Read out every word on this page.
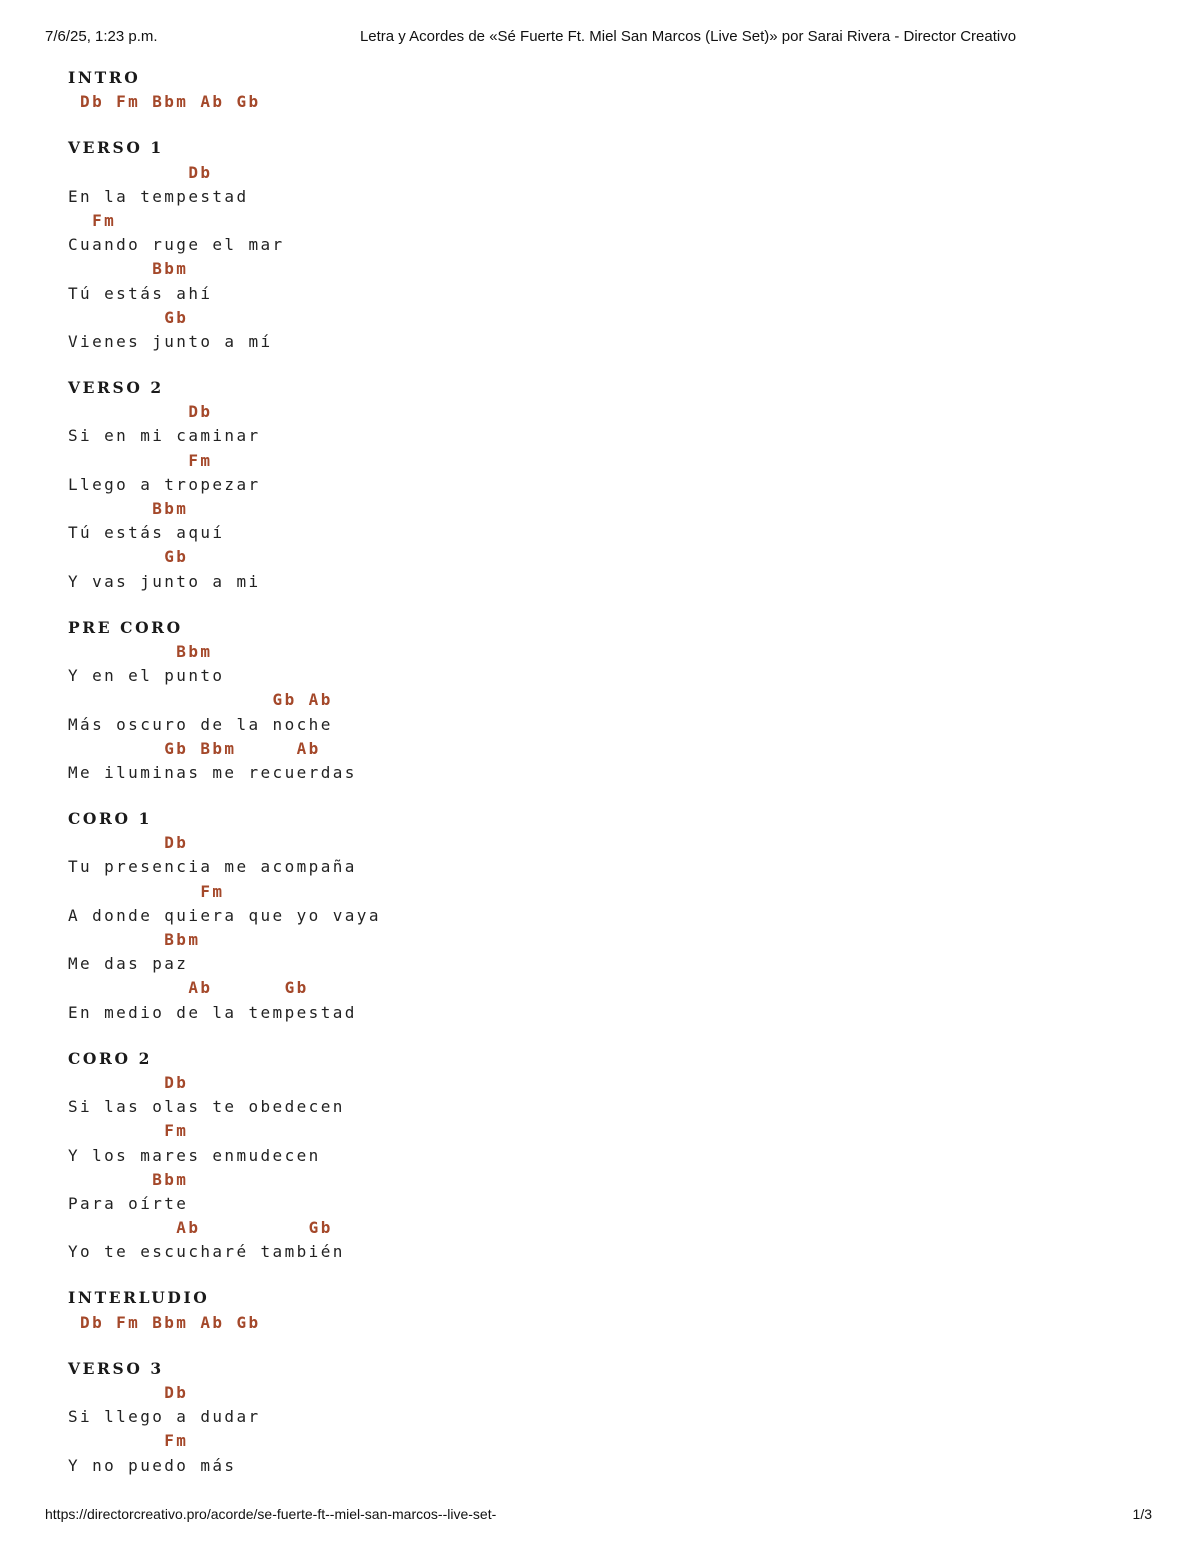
7/6/25, 1:23 p.m.	Letra y Acordes de «Sé Fuerte Ft. Miel San Marcos (Live Set)» por Sarai Rivera - Director Creativo
INTRO
Db Fm Bbm Ab Gb
VERSO 1
Db
En la tempestad
Fm
Cuando ruge el mar
Bbm
Tú estás ahí
Gb
Vienes junto a mí
VERSO 2
Db
Si en mi caminar
Fm
Llego a tropezar
Bbm
Tú estás aquí
Gb
Y vas junto a mi
PRE CORO
Bbm
Y en el punto
Gb Ab
Más oscuro de la noche
Gb Bbm     Ab
Me iluminas me recuerdas
CORO 1
Db
Tu presencia me acompaña
Fm
A donde quiera que yo vaya
Bbm
Me das paz
Ab      Gb
En medio de la tempestad
CORO 2
Db
Si las olas te obedecen
Fm
Y los mares enmudecen
Bbm
Para oírte
Ab         Gb
Yo te escucharé también
INTERLUDIO
Db Fm Bbm Ab Gb
VERSO 3
Db
Si llego a dudar
Fm
Y no puedo más
https://directorcreativo.pro/acorde/se-fuerte-ft--miel-san-marcos--live-set-	1/3
